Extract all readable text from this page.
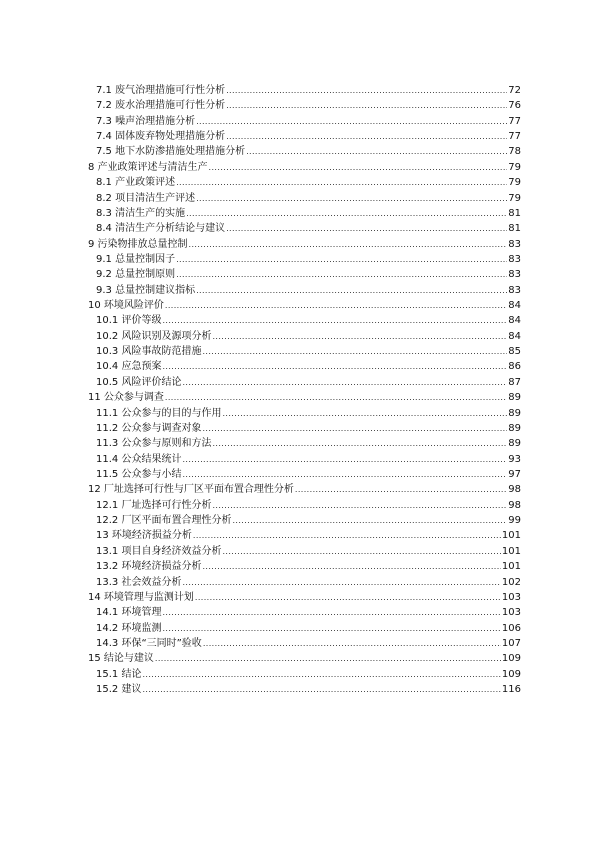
7.1 废气治理措施可行性分析 .....	72
7.2 废水治理措施可行性分析 .....	76
7.3 噪声治理措施分析 .....	77
7.4 固体废弃物处理措施分析 .....	77
7.5 地下水防渗措施处理措施分析 .....	78
8 产业政策评述与清洁生产 .....	79
8.1 产业政策评述 .....	79
8.2 项目清洁生产评述 .....	79
8.3 清洁生产的实施 .....	81
8.4 清洁生产分析结论与建议 .....	81
9 污染物排放总量控制 .....	83
9.1 总量控制因子 .....	83
9.2 总量控制原则 .....	83
9.3 总量控制建议指标 .....	83
10 环境风险评价 .....	84
10.1 评价等级 .....	84
10.2 风险识别及源项分析 .....	84
10.3 风险事故防范措施 .....	85
10.4 应急预案 .....	86
10.5 风险评价结论 .....	87
11 公众参与调查 .....	89
11.1 公众参与的目的与作用 .....	89
11.2 公众参与调查对象 .....	89
11.3 公众参与原则和方法 .....	89
11.4 公众结果统计 .....	93
11.5 公众参与小结 .....	97
12 厂址选择可行性与厂区平面布置合理性分析 .....	98
12.1 厂址选择可行性分析 .....	98
12.2 厂区平面布置合理性分析 .....	99
13 环境经济损益分析 .....	101
13.1 项目自身经济效益分析 .....	101
13.2 环境经济损益分析 .....	101
13.3 社会效益分析 .....	102
14 环境管理与监测计划 .....	103
14.1 环境管理 .....	103
14.2 环境监测 .....	106
14.3 环保“三同时”验收 .....	107
15 结论与建议 .....	109
15.1 结论 .....	109
15.2 建议 .....	116
